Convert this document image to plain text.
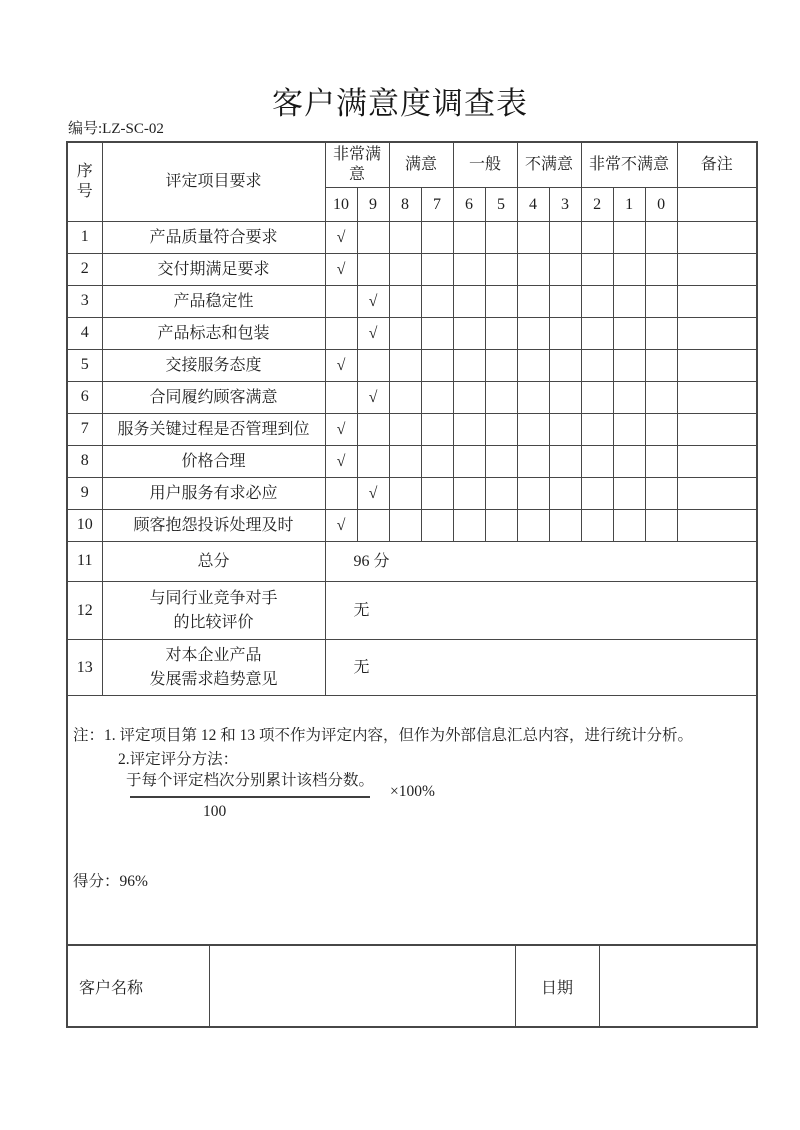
客户满意度调查表
编号:LZ-SC-02
序号	评定项目要求	非常满意		满意		一般		不满意		非常不满意			备注
		10	9	8	7	6	5	4	3	2	1	0	
1	产品质量符合要求	√											
2	交付期满足要求	√											
3	产品稳定性		√										
4	产品标志和包装		√										
5	交接服务态度	√											
6	合同履约顾客满意		√										
7	服务关键过程是否管理到位	√											
8	价格合理	√											
9	用户服务有求必应		√										
10	顾客抱怨投诉处理及时	√											
11	总分	96 分											
12	与同行业竞争对手
的比较评价	无											
13	对本企业产品
发展需求趋势意见	无											

注：1. 评定项目第 12 和 13 项不作为评定内容，但作为外部信息汇总内容，进行统计分析。
2.评定评分方法：
于每个评定档次分别累计该档分数。
100
×100%
得分：96%
客户名称		日期	
